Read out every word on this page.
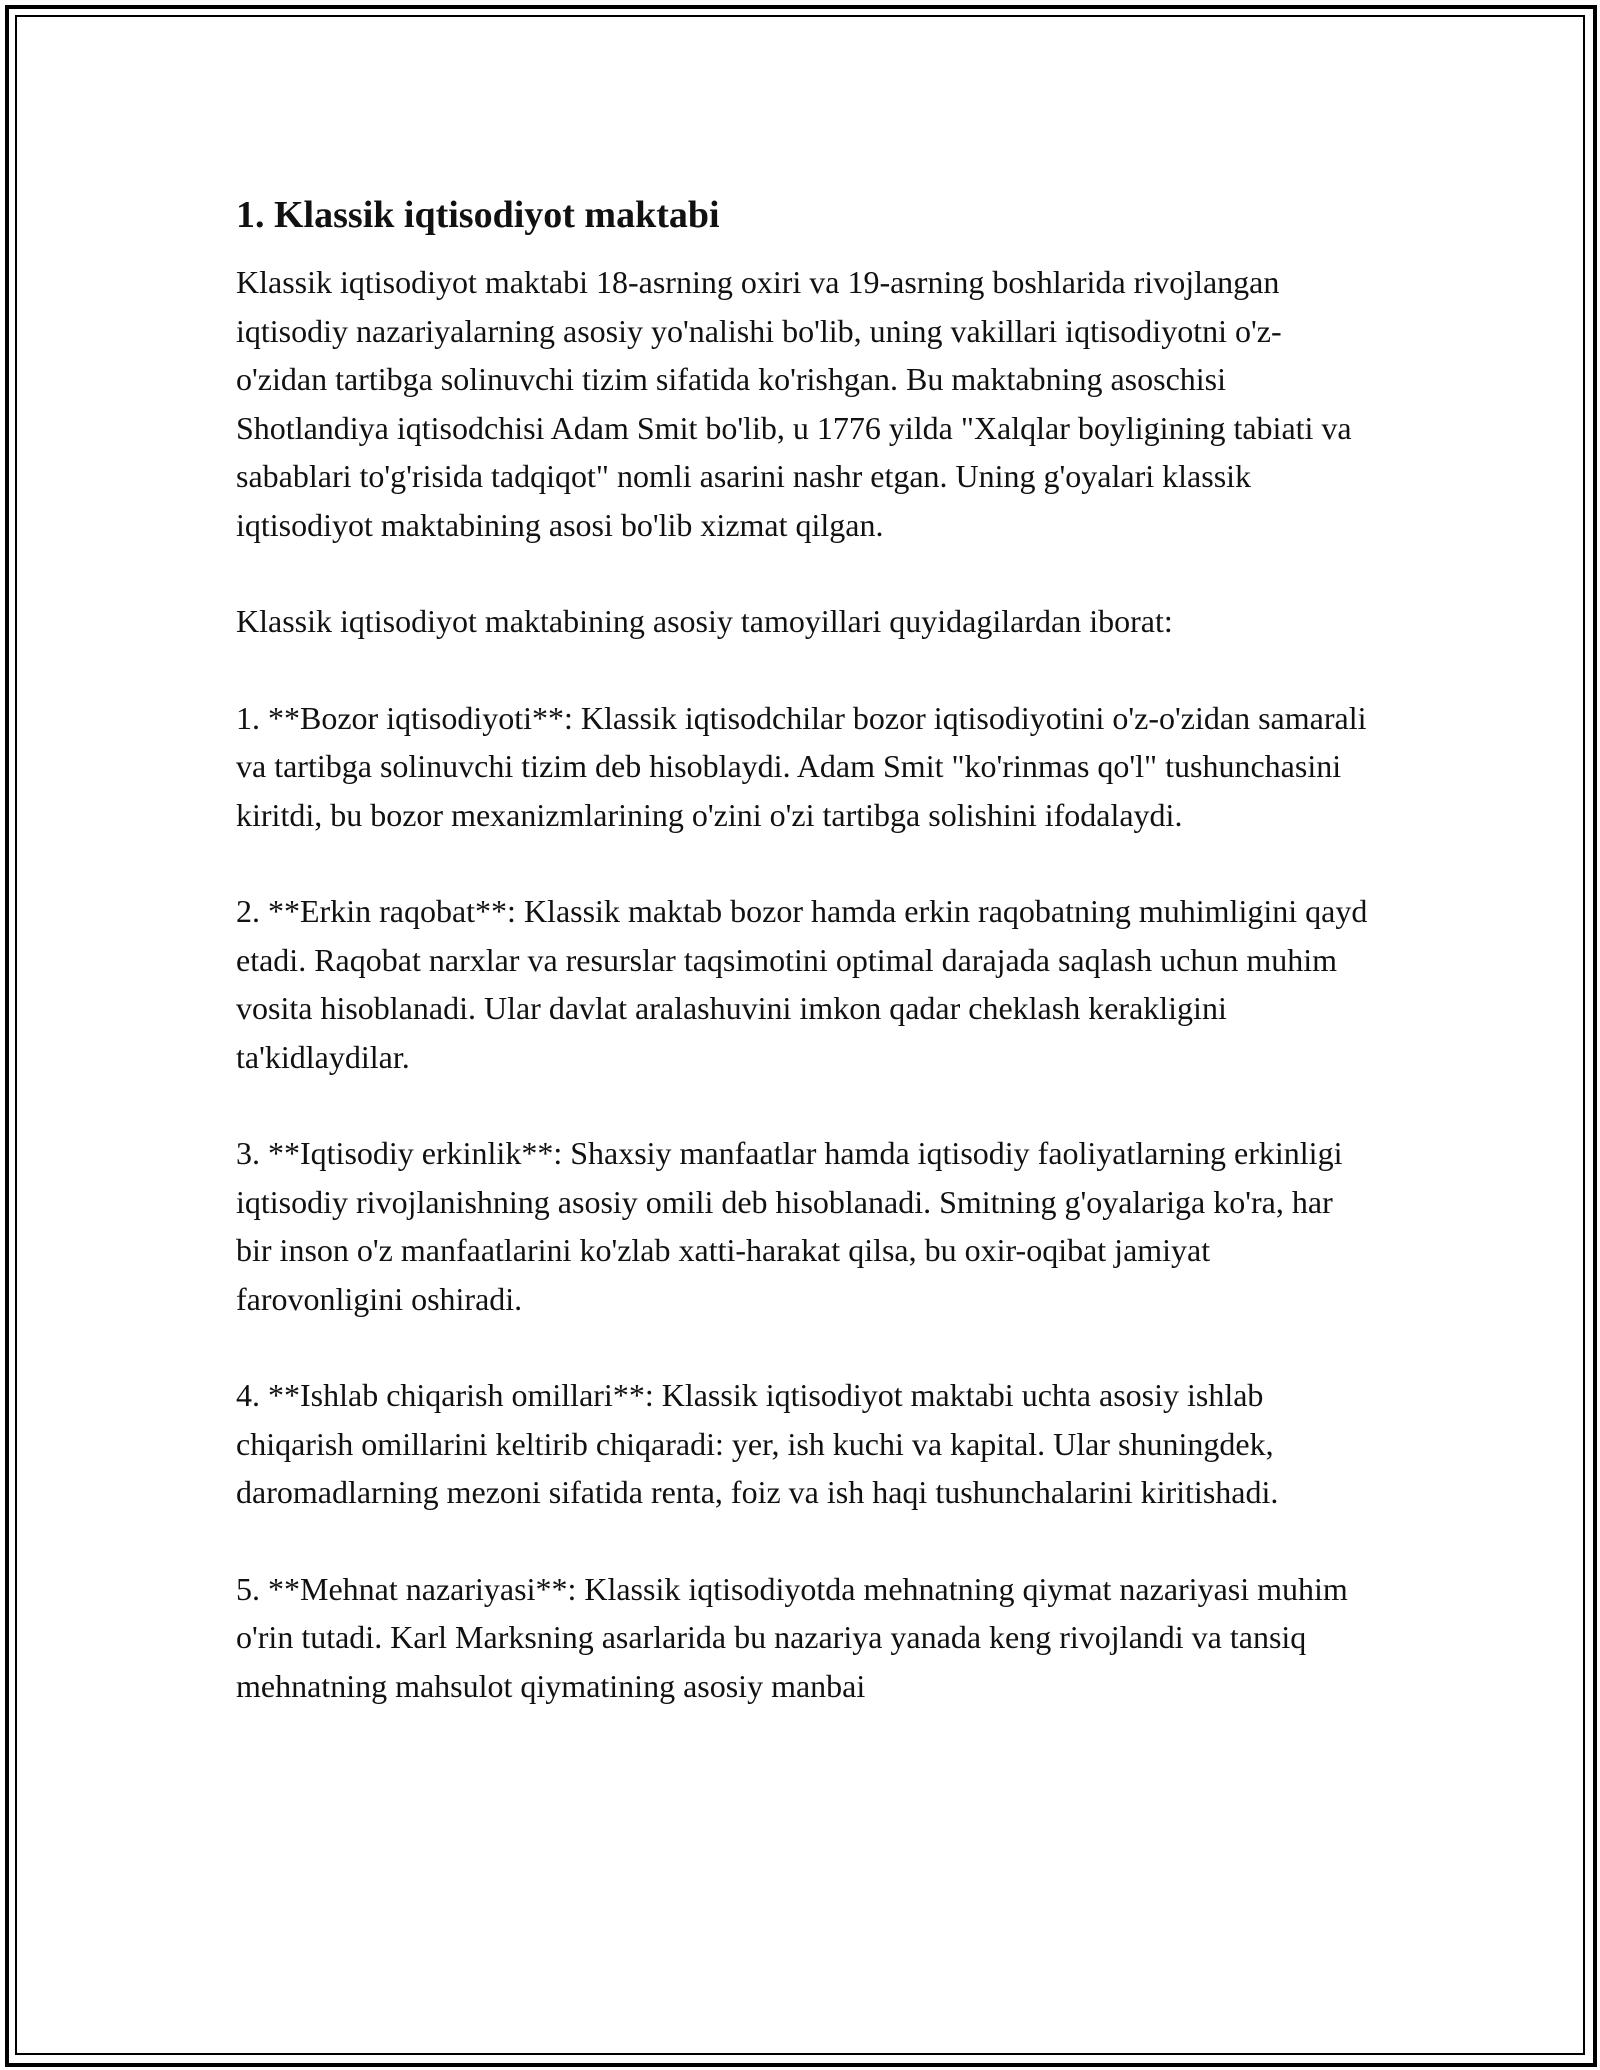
1. Klassik iqtisodiyot maktabi

Klassik iqtisodiyot maktabi 18-asrning oxiri va 19-asrning boshlarida rivojlangan iqtisodiy nazariyalarning asosiy yo'nalishi bo'lib, uning vakillari iqtisodiyotni o'z-o'zidan tartibga solinuvchi tizim sifatida ko'rishgan. Bu maktabning asoschisi Shotlandiya iqtisodchisi Adam Smit bo'lib, u 1776 yilda "Xalqlar boyligining tabiati va sabablari to'g'risida tadqiqot" nomli asarini nashr etgan. Uning g'oyalari klassik iqtisodiyot maktabining asosi bo'lib xizmat qilgan.

Klassik iqtisodiyot maktabining asosiy tamoyillari quyidagilardan iborat:

1. **Bozor iqtisodiyoti**: Klassik iqtisodchilar bozor iqtisodiyotini o'z-o'zidan samarali va tartibga solinuvchi tizim deb hisoblaydi. Adam Smit "ko'rinmas qo'l" tushunchasini kiritdi, bu bozor mexanizmlarining o'zini o'zi tartibga solishini ifodalaydi.

2. **Erkin raqobat**: Klassik maktab bozor hamda erkin raqobatning muhimligini qayd etadi. Raqobat narxlar va resurslar taqsimotini optimal darajada saqlash uchun muhim vosita hisoblanadi. Ular davlat aralashuvini imkon qadar cheklash kerakligini ta'kidlaydilar.

3. **Iqtisodiy erkinlik**: Shaxsiy manfaatlar hamda iqtisodiy faoliyatlarning erkinligi iqtisodiy rivojlanishning asosiy omili deb hisoblanadi. Smitning g'oyalariga ko'ra, har bir inson o'z manfaatlarini ko'zlab xatti-harakat qilsa, bu oxir-oqibat jamiyat farovonligini oshiradi.

4. **Ishlab chiqarish omillari**: Klassik iqtisodiyot maktabi uchta asosiy ishlab chiqarish omillarini keltirib chiqaradi: yer, ish kuchi va kapital. Ular shuningdek, daromadlarning mezoni sifatida renta, foiz va ish haqi tushunchalarini kiritishadi.

5. **Mehnat nazariyasi**: Klassik iqtisodiyotda mehnatning qiymat nazariyasi muhim o'rin tutadi. Karl Marksning asarlarida bu nazariya yanada keng rivojlandi va tansiq mehnatning mahsulot qiymatining asosiy manbai
